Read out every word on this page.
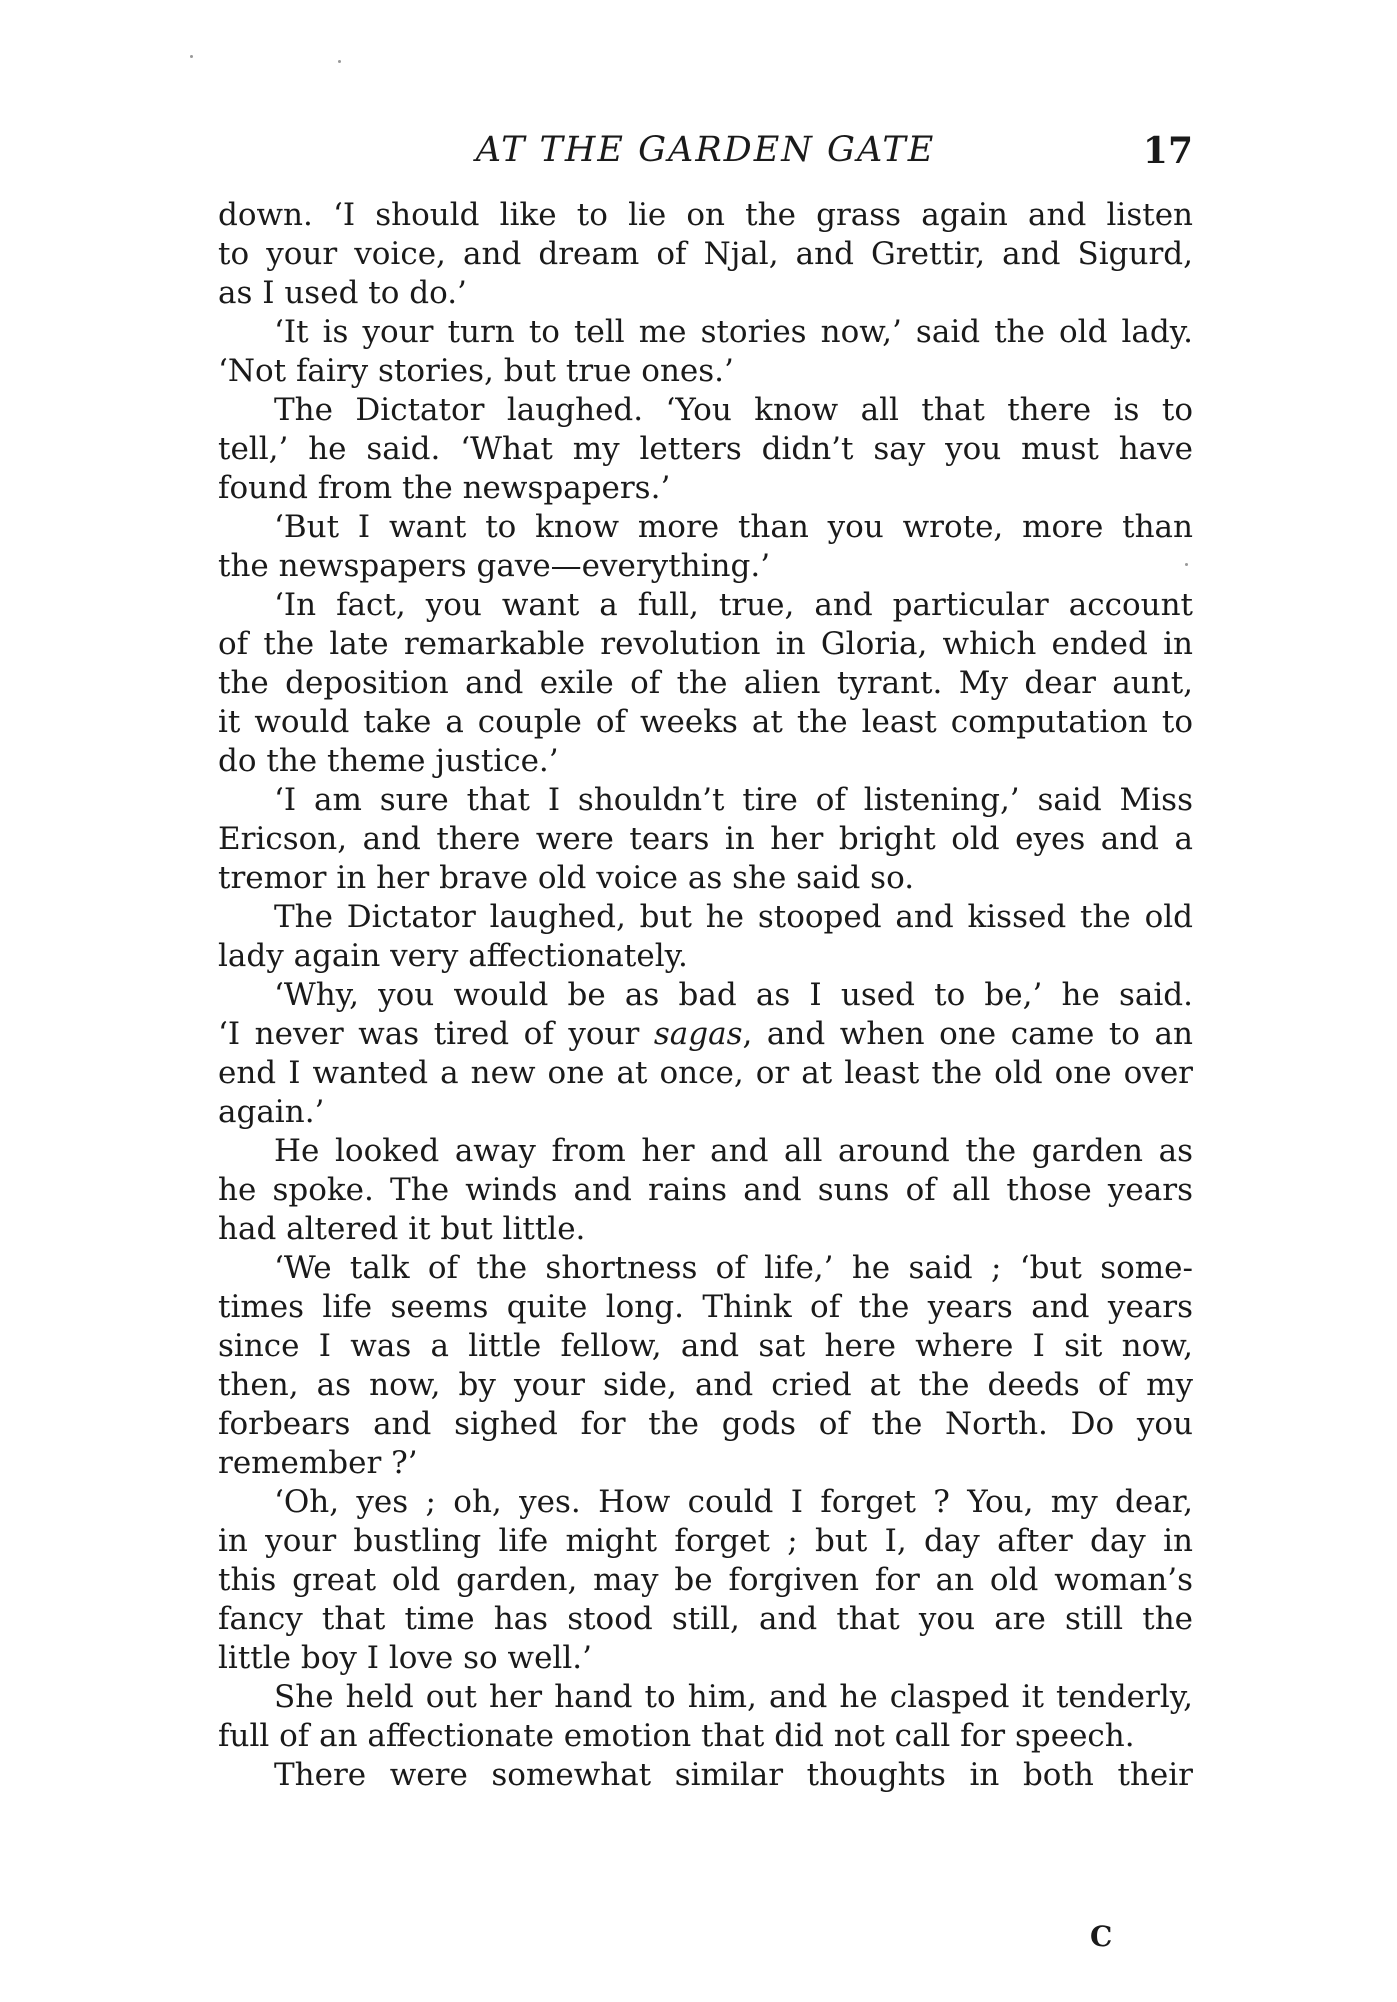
AT THE GARDEN GATE	17
down. ‘I should like to lie on the grass again and listen
to your voice, and dream of Njal, and Grettir, and Sigurd,
as I used to do.’
‘It is your turn to tell me stories now,’ said the old lady.
‘Not fairy stories, but true ones.’
The Dictator laughed. ‘You know all that there is to
tell,’ he said. ‘What my letters didn’t say you must have
found from the newspapers.’
‘But I want to know more than you wrote, more than
the newspapers gave—everything.’
‘In fact, you want a full, true, and particular account
of the late remarkable revolution in Gloria, which ended in
the deposition and exile of the alien tyrant. My dear aunt,
it would take a couple of weeks at the least computation to
do the theme justice.’
‘I am sure that I shouldn’t tire of listening,’ said Miss
Ericson, and there were tears in her bright old eyes and a
tremor in her brave old voice as she said so.
The Dictator laughed, but he stooped and kissed the old
lady again very affectionately.
‘Why, you would be as bad as I used to be,’ he said.
‘I never was tired of your sagas, and when one came to an
end I wanted a new one at once, or at least the old one over
again.’
He looked away from her and all around the garden as
he spoke. The winds and rains and suns of all those years
had altered it but little.
‘We talk of the shortness of life,’ he said ; ‘but some-
times life seems quite long. Think of the years and years
since I was a little fellow, and sat here where I sit now,
then, as now, by your side, and cried at the deeds of my
forbears and sighed for the gods of the North. Do you
remember ?’
‘Oh, yes ; oh, yes. How could I forget ? You, my dear,
in your bustling life might forget ; but I, day after day in
this great old garden, may be forgiven for an old woman’s
fancy that time has stood still, and that you are still the
little boy I love so well.’
She held out her hand to him, and he clasped it tenderly,
full of an affectionate emotion that did not call for speech.
There were somewhat similar thoughts in both their
C
